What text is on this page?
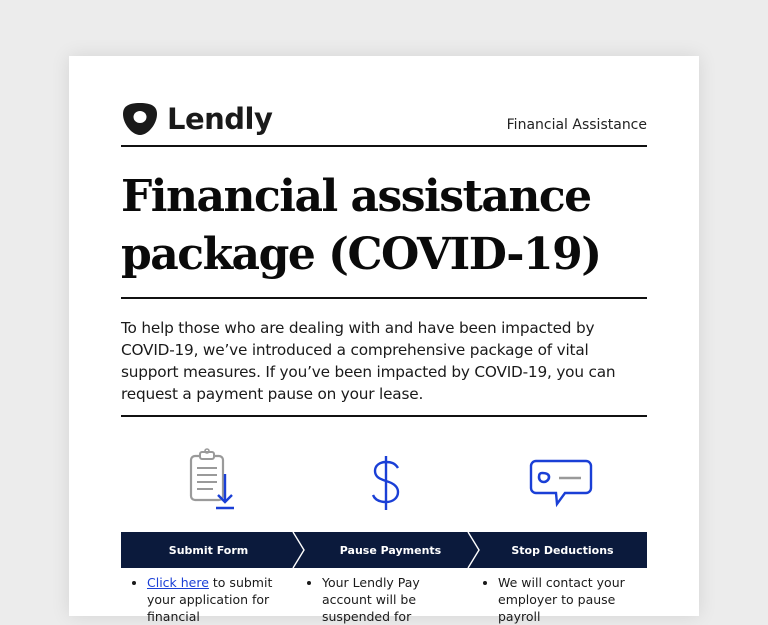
Lendly	Financial Assistance
Financial assistance
package (COVID-19)

To help those who are dealing with and have been impacted by COVID-19, we’ve introduced a comprehensive package of vital support measures. If you’ve been impacted by COVID-19, you can request a payment pause on your lease.

Submit Form	Pause Payments	Stop Deductions
• Click here to submit your application for financial
• Your Lendly Pay account will be suspended for
• We will contact your employer to pause payroll
